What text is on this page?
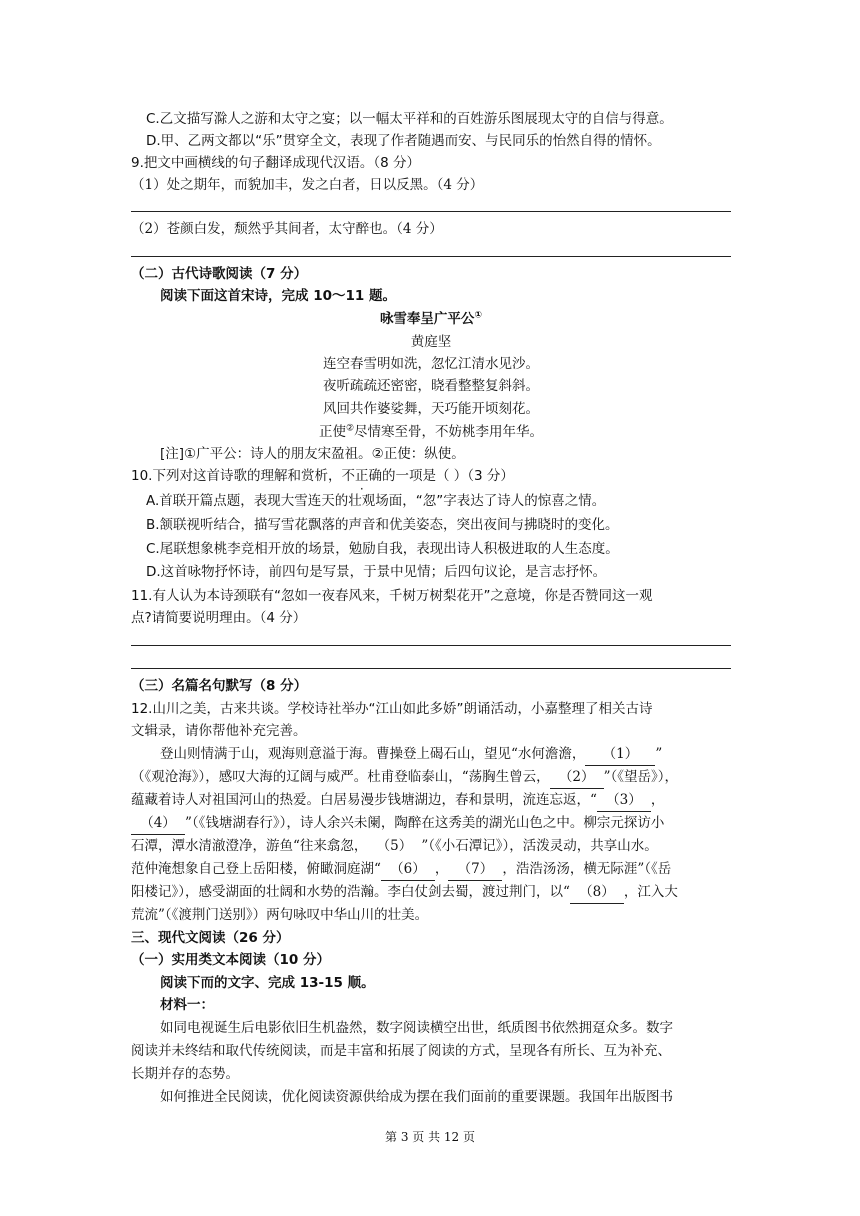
C.乙文描写滁人之游和太守之宴；以一幅太平祥和的百姓游乐图展现太守的自信与得意。
D.甲、乙两文都以“乐”贯穿全文，表现了作者随遇而安、与民同乐的怡然自得的情怀。
9.把文中画横线的句子翻译成现代汉语。（8 分）
（1）处之期年，而貌加丰，发之白者，日以反黑。（4 分）
（2）苍颜白发，颓然乎其间者，太守醉也。（4 分）
（二）古代诗歌阅读（7 分）
阅读下面这首宋诗，完成 10～11 题。
咏雪奉呈广平公①
黄庭坚
连空春雪明如洗，忽忆江清水见沙。
夜听疏疏还密密，晓看整整复斜斜。
风回共作婆娑舞，天巧能开顷刻花。
正使②尽情寒至骨，不妨桃李用年华。
[注]①广平公：诗人的朋友宋盈祖。②正使：纵使。
10.下列对这首诗歌的理解和赏析，不正确的一项是（ ）（3 分）
A.首联开篇点题，表现大雪连天的壮观场面，“忽”字表达了诗人的惊喜之情。
B.颔联视听结合，描写雪花飘落的声音和优美姿态，突出夜间与拂晓时的变化。
C.尾联想象桃李竞相开放的场景，勉励自我，表现出诗人积极进取的人生态度。
D.这首咏物抒怀诗，前四句是写景，于景中见情；后四句议论，是言志抒怀。
11.有人认为本诗颈联有“忽如一夜春风来，千树万树梨花开”之意境，你是否赞同这一观
点?请简要说明理由。（4 分）
（三）名篇名句默写（8 分）
12.山川之美，古来共谈。学校诗社举办“江山如此多娇”朗诵活动，小嘉整理了相关古诗
文辑录，请你帮他补充完善。
登山则情满于山，观海则意溢于海。曹操登上碣石山，望见“水何澹澹， （1） ”
（《观沧海》），感叹大海的辽阔与威严。杜甫登临泰山，“荡胸生曾云， （2） ”（《望岳》），
蕴藏着诗人对祖国河山的热爱。白居易漫步钱塘湖边，春和景明，流连忘返，“ （3） ，
（4） ”（《钱塘湖春行》），诗人余兴未阑，陶醉在这秀美的湖光山色之中。柳宗元探访小
石潭，潭水清澈澄净，游鱼“往来翕忽， （5） ”（《小石潭记》），活泼灵动，共享山水。
范仲淹想象自己登上岳阳楼，俯瞰洞庭湖“ （6） ， （7） ，浩浩汤汤，横无际涯”（《岳
阳楼记》），感受湖面的壮阔和水势的浩瀚。李白仗剑去蜀，渡过荆门，以“ （8） ，江入大
荒流”（《渡荆门送别》）两句咏叹中华山川的壮美。
三、现代文阅读（26 分）
（一）实用类文本阅读（10 分）
阅读下而的文字、完成 13-15 顺。
材料一：
如同电视诞生后电影依旧生机盎然，数字阅读横空出世，纸质图书依然拥趸众多。数字
阅读并未终结和取代传统阅读，而是丰富和拓展了阅读的方式，呈现各有所长、互为补充、
长期并存的态势。
如何推进全民阅读，优化阅读资源供给成为摆在我们面前的重要课题。我国年出版图书
第 3 页 共 12 页
